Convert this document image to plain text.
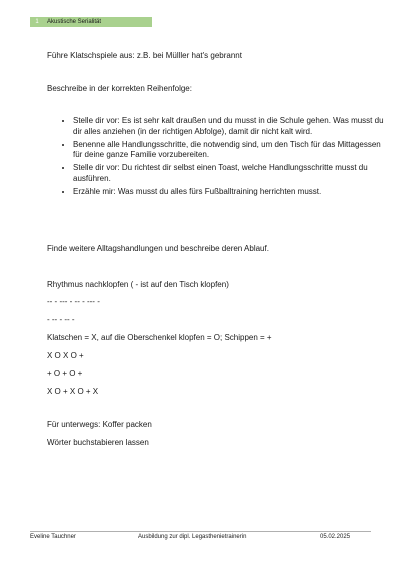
1	Akustische Serialität
Führe Klatschspiele aus: z.B. bei Mülller hat's gebrannt
Beschreibe in der korrekten Reihenfolge:
• Stelle dir vor: Es ist sehr kalt draußen und du musst in die Schule gehen. Was musst du dir alles anziehen (in der richtigen Abfolge), damit dir nicht kalt wird.
• Benenne alle Handlungsschritte, die notwendig sind, um den Tisch für das Mittagessen für deine ganze Familie vorzubereiten.
• Stelle dir vor: Du richtest dir selbst einen Toast, welche Handlungsschritte musst du ausführen.
• Erzähle mir: Was musst du alles fürs Fußballtraining herrichten musst.
Finde weitere Alltagshandlungen und beschreibe deren Ablauf.
Rhythmus nachklopfen ( - ist auf den Tisch klopfen)
-- - --- - -- - --- -
- -- - -- -
Klatschen = X, auf die Oberschenkel klopfen = O; Schippen = +
X O X O +
+ O + O +
X O + X O + X
Für unterwegs: Koffer packen
Wörter buchstabieren lassen
Eveline Tauchner	Ausbildung zur dipl. Legasthenietrainerin	05.02.2025
